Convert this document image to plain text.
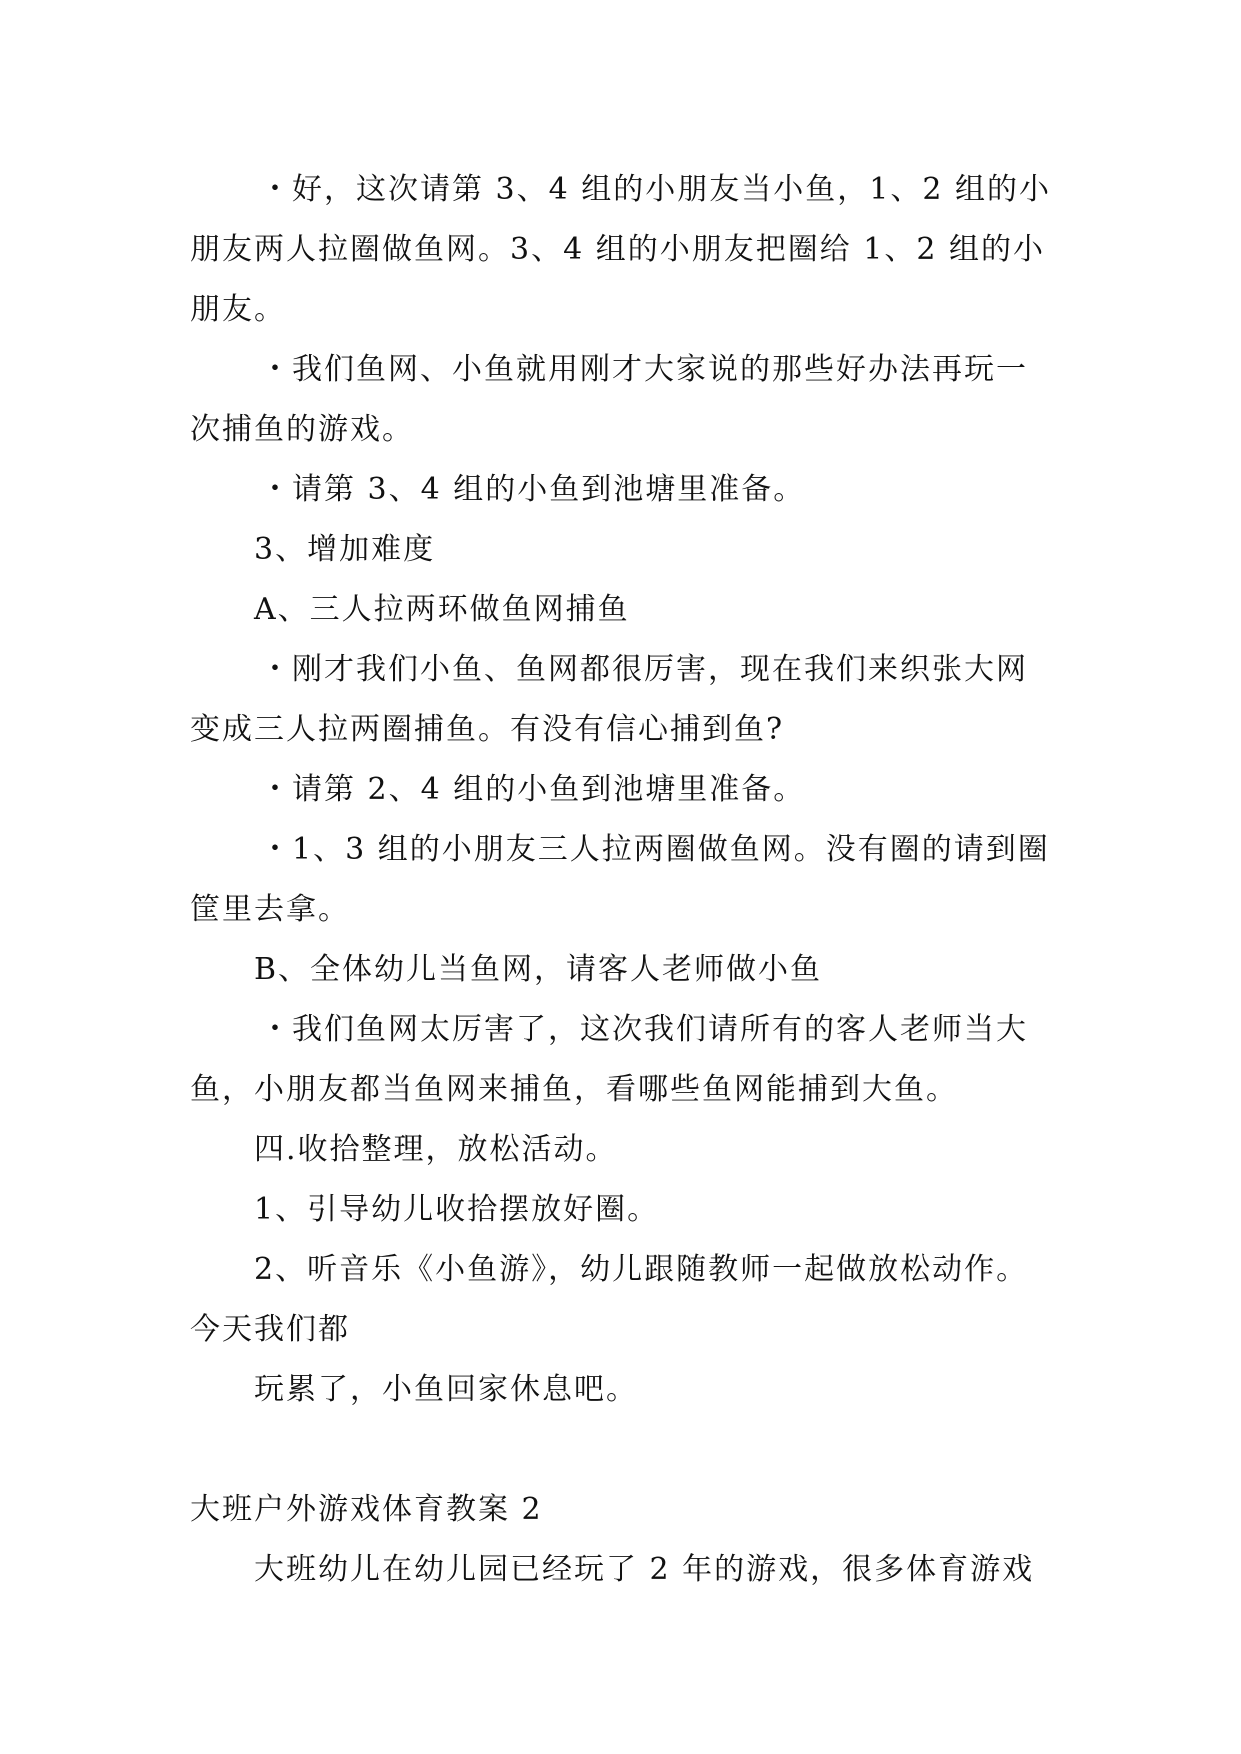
・好，这次请第 3、4 组的小朋友当小鱼，1、2 组的小

朋友两人拉圈做鱼网。3、4 组的小朋友把圈给 1、2 组的小

朋友。

・我们鱼网、小鱼就用刚才大家说的那些好办法再玩一

次捕鱼的游戏。

・请第 3、4 组的小鱼到池塘里准备。

3、增加难度

A、三人拉两环做鱼网捕鱼

・刚才我们小鱼、鱼网都很厉害，现在我们来织张大网

变成三人拉两圈捕鱼。有没有信心捕到鱼?

・请第 2、4 组的小鱼到池塘里准备。

・1、3 组的小朋友三人拉两圈做鱼网。没有圈的请到圈

筐里去拿。

B、全体幼儿当鱼网，请客人老师做小鱼

・我们鱼网太厉害了，这次我们请所有的客人老师当大

鱼，小朋友都当鱼网来捕鱼，看哪些鱼网能捕到大鱼。

四.收拾整理，放松活动。

1、引导幼儿收拾摆放好圈。

2、听音乐《小鱼游》，幼儿跟随教师一起做放松动作。

今天我们都

玩累了，小鱼回家休息吧。

大班户外游戏体育教案 2

大班幼儿在幼儿园已经玩了 2 年的游戏，很多体育游戏
